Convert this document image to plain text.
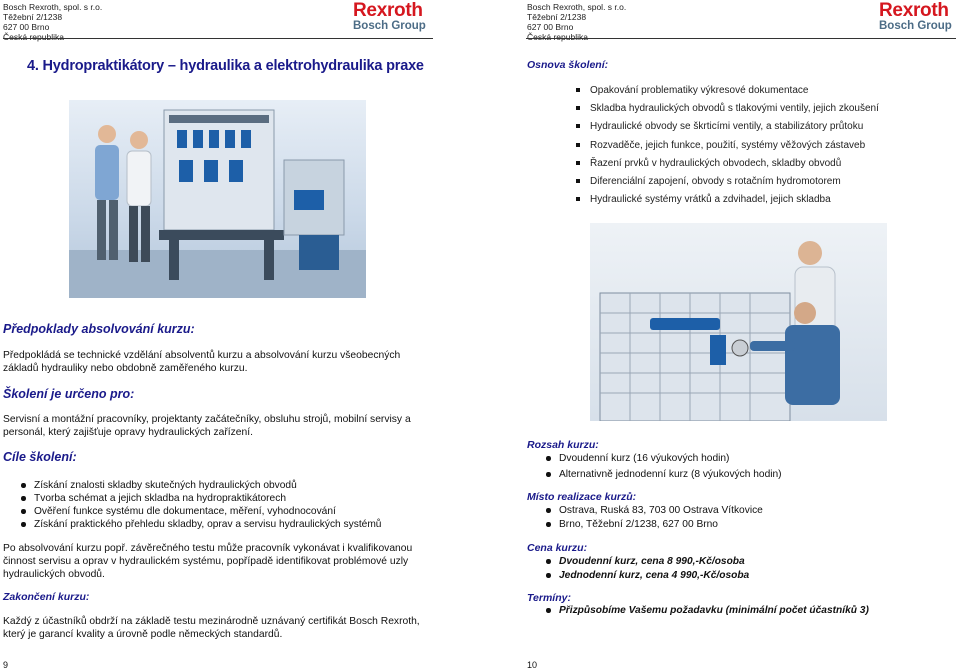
Bosch Rexroth, spol. s r.o.
Těžební 2/1238
627 00 Brno
Česká republika
Rexroth
Bosch Group
4. Hydropraktikátory – hydraulika a elektrohydraulika praxe
Předpoklady absolvování kurzu:
Předpokládá se technické vzdělání absolventů kurzu a absolvování kurzu všeobecných základů hydrauliky nebo obdobně zaměřeného kurzu.
Školení je určeno pro:
Servisní a montážní pracovníky, projektanty začátečníky, obsluhu strojů, mobilní servisy a personál, který zajišťuje opravy hydraulických zařízení.
Cíle školení:
Získání znalosti skladby skutečných hydraulických obvodů
Tvorba schémat a jejich skladba na hydropraktikátorech
Ověření funkce systému dle dokumentace, měření, vyhodnocování
Získání praktického přehledu skladby, oprav a servisu hydraulických systémů
Po absolvování kurzu popř. závěrečného testu může pracovník vykonávat i kvalifikovanou činnost servisu a oprav v hydraulickém systému, popřípadě identifikovat problémové uzly hydraulických obvodů.
Zakončení kurzu:
Každý z účastníků obdrží na základě testu mezinárodně uznávaný certifikát Bosch Rexroth, který je garancí kvality a úrovně podle německých standardů.
9
Bosch Rexroth, spol. s r.o.
Těžební 2/1238
627 00 Brno
Česká republika
Rexroth
Bosch Group
Osnova školení:
Opakování problematiky výkresové dokumentace
Skladba hydraulických obvodů s tlakovými ventily, jejich zkoušení
Hydraulické obvody se škrticími ventily, a stabilizátory průtoku
Rozvaděče, jejich funkce, použití, systémy věžových zástaveb
Řazení prvků v hydraulických obvodech, skladby obvodů
Diferenciální zapojení, obvody s rotačním hydromotorem
Hydraulické systémy vrátků a zdvihadel, jejich skladba
Rozsah kurzu:
Dvoudenní kurz (16 výukových hodin)
Alternativně jednodenní kurz (8 výukových hodin)
Místo realizace kurzů:
Ostrava, Ruská 83, 703 00 Ostrava Vítkovice
Brno, Těžební 2/1238, 627 00 Brno
Cena kurzu:
Dvoudenní kurz, cena 8 990,-Kč/osoba
Jednodenní kurz, cena 4 990,-Kč/osoba
Termíny:
Přizpůsobíme Vašemu požadavku (minimální počet účastníků 3)
10
